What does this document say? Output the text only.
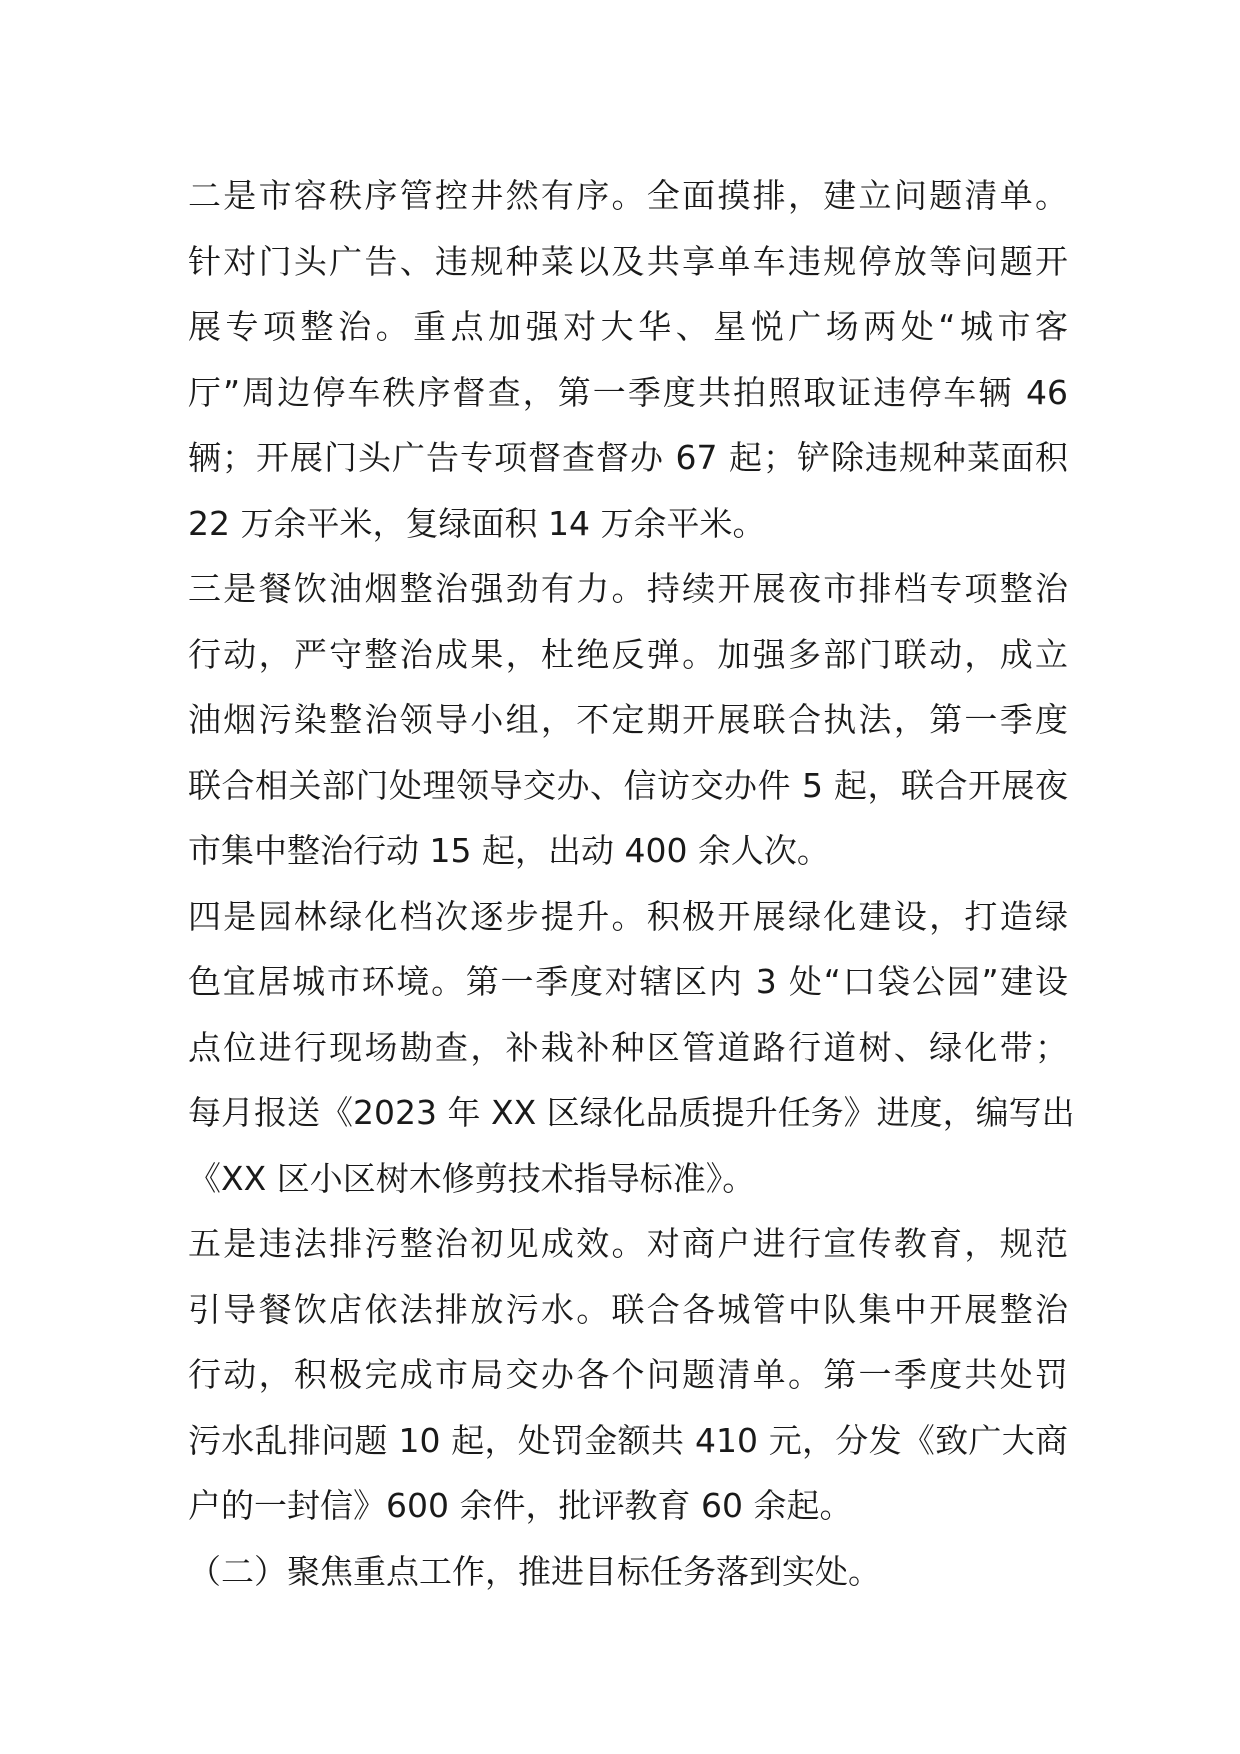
二是市容秩序管控井然有序。全面摸排，建立问题清单。
针对门头广告、违规种菜以及共享单车违规停放等问题开
展专项整治。重点加强对大华、星悦广场两处“城市客
厅”周边停车秩序督查，第一季度共拍照取证违停车辆 46
辆；开展门头广告专项督查督办 67 起；铲除违规种菜面积
22 万余平米，复绿面积 14 万余平米。
三是餐饮油烟整治强劲有力。持续开展夜市排档专项整治
行动，严守整治成果，杜绝反弹。加强多部门联动，成立
油烟污染整治领导小组，不定期开展联合执法，第一季度
联合相关部门处理领导交办、信访交办件 5 起，联合开展夜
市集中整治行动 15 起，出动 400 余人次。
四是园林绿化档次逐步提升。积极开展绿化建设，打造绿
色宜居城市环境。第一季度对辖区内 3 处“口袋公园”建设
点位进行现场勘查，补栽补种区管道路行道树、绿化带；
每月报送《2023 年 XX 区绿化品质提升任务》进度，编写出
《XX 区小区树木修剪技术指导标准》。
五是违法排污整治初见成效。对商户进行宣传教育，规范
引导餐饮店依法排放污水。联合各城管中队集中开展整治
行动，积极完成市局交办各个问题清单。第一季度共处罚
污水乱排问题 10 起，处罚金额共 410 元，分发《致广大商
户的一封信》600 余件，批评教育 60 余起。
（二）聚焦重点工作，推进目标任务落到实处。
